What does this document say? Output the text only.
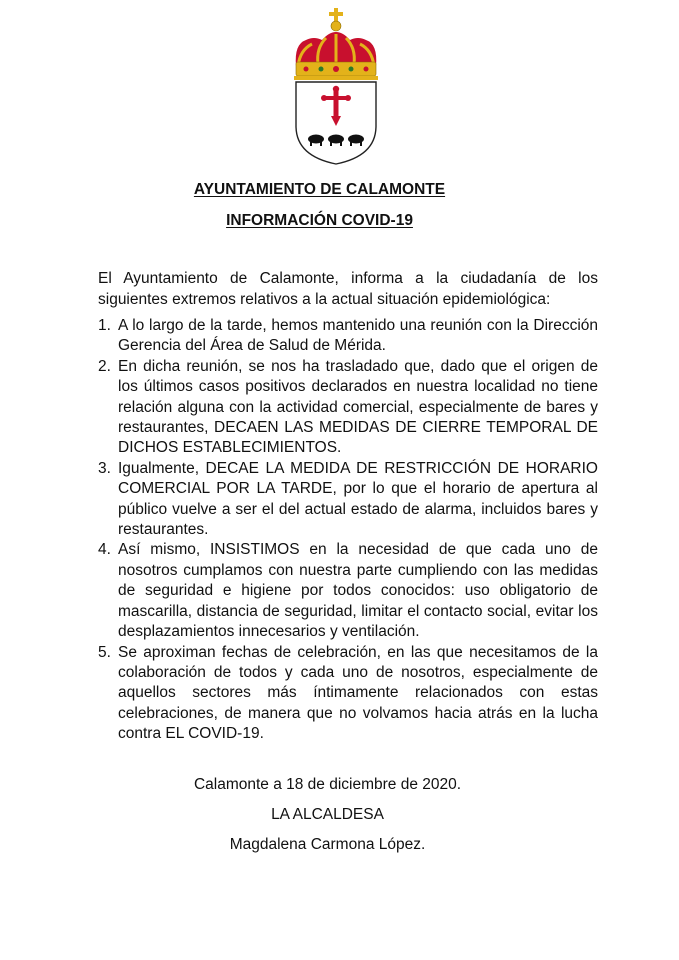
AYUNTAMIENTO DE CALAMONTE
INFORMACIÓN COVID-19

El Ayuntamiento de Calamonte, informa a la ciudadanía de los siguientes extremos relativos a la actual situación epidemiológica:

1. A lo largo de la tarde, hemos mantenido una reunión con la Dirección Gerencia del Área de Salud de Mérida.
2. En dicha reunión, se nos ha trasladado que, dado que el origen de los últimos casos positivos declarados en nuestra localidad no tiene relación alguna con la actividad comercial, especialmente de bares y restaurantes, DECAEN LAS MEDIDAS DE CIERRE TEMPORAL DE DICHOS ESTABLECIMIENTOS.
3. Igualmente, DECAE LA MEDIDA DE RESTRICCIÓN DE HORARIO COMERCIAL POR LA TARDE, por lo que el horario de apertura al público vuelve a ser el del actual estado de alarma, incluidos bares y restaurantes.
4. Así mismo, INSISTIMOS en la necesidad de que cada uno de nosotros cumplamos con nuestra parte cumpliendo con las medidas de seguridad e higiene por todos conocidos: uso obligatorio de mascarilla, distancia de seguridad, limitar el contacto social, evitar los desplazamientos innecesarios y ventilación.
5. Se aproximan fechas de celebración, en las que necesitamos de la colaboración de todos y cada uno de nosotros, especialmente de aquellos sectores más íntimamente relacionados con estas celebraciones, de manera que no volvamos hacia atrás en la lucha contra EL COVID-19.
Calamonte a 18 de diciembre de 2020.
LA ALCALDESA
Magdalena Carmona López.
